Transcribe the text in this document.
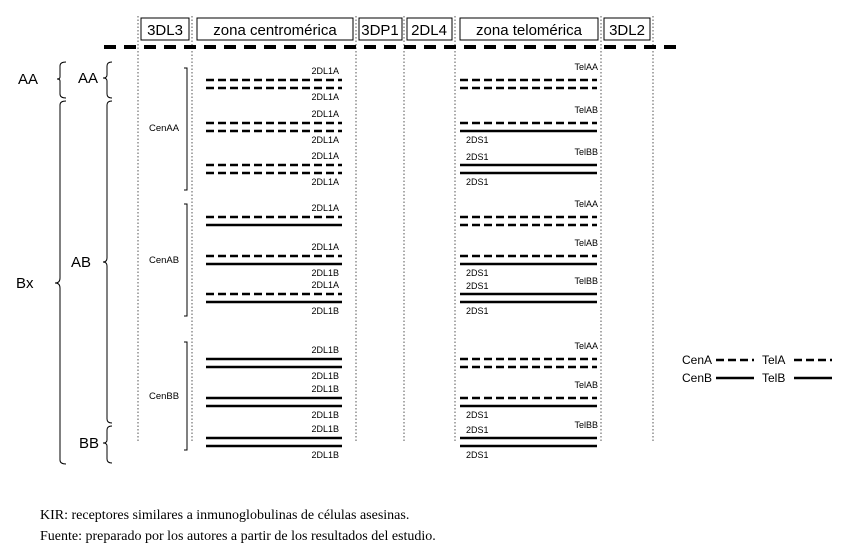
3DL3 zona centromérica 3DP1 2DL4 zona telomérica 3DL2
AA
Bx
AA
AB
BB
CenAA
CenAB
CenBB
2DL1A
2DL1A
2DL1A
2DL1A
2DL1A
2DL1A
2DL1A
2DL1A
2DL1B
2DL1A
2DL1B
2DL1B
2DL1B
2DL1B
2DL1B
2DL1B
2DL1B
TelAA
TelAB
2DS1
TelBB
2DS1
2DS1
TelAA
TelAB
2DS1
TelBB
2DS1
2DS1
TelAA
TelAB
2DS1
TelBB
2DS1
2DS1
CenA	TelA
CenB	TelB
KIR: receptores similares a inmunoglobulinas de células asesinas.
Fuente: preparado por los autores a partir de los resultados del estudio.
